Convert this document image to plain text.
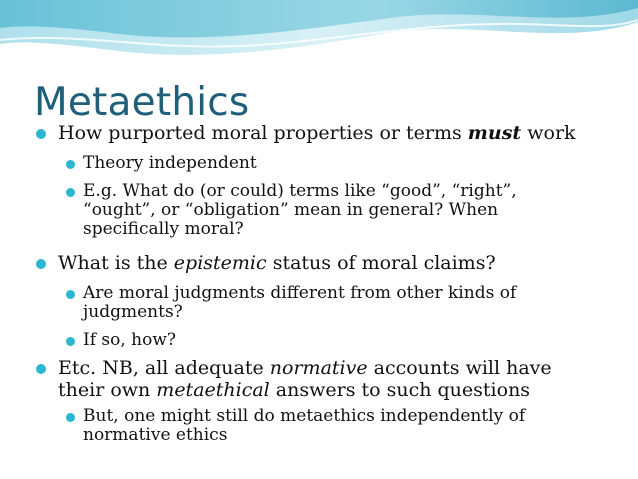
Metaethics
How purported moral properties or terms must work
Theory independent
E.g. What do (or could) terms like “good”, “right”,
“ought”, or “obligation” mean in general? When
specifically moral?
What is the epistemic status of moral claims?
Are moral judgments different from other kinds of
judgments?
If so, how?
Etc. NB, all adequate normative accounts will have
their own metaethical answers to such questions
But, one might still do metaethics independently of
normative ethics
